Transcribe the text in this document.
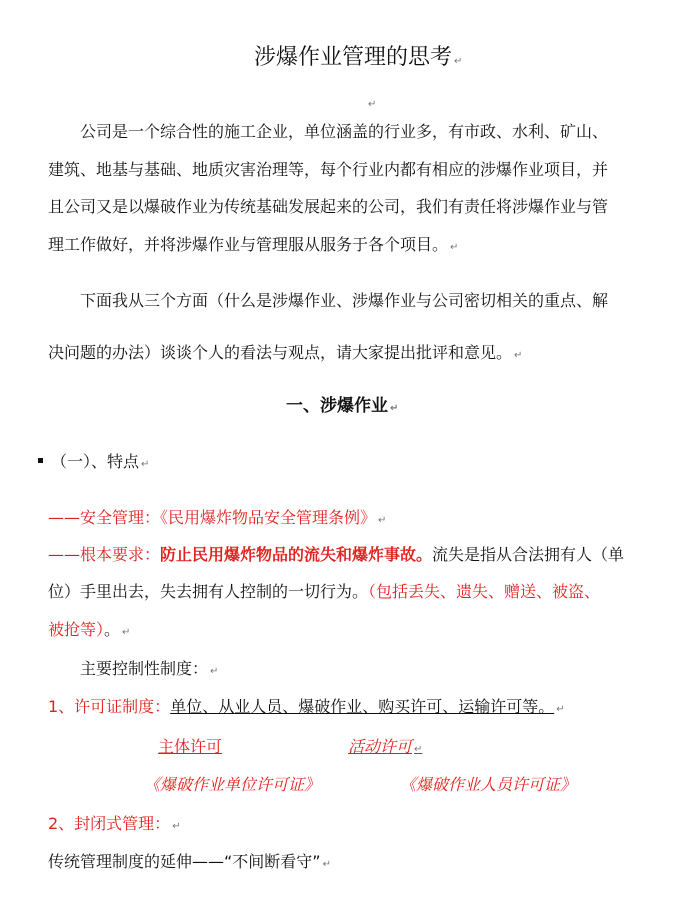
涉爆作业管理的思考 ↵
↵
公司是一个综合性的施工企业，单位涵盖的行业多，有市政、水利、矿山、
建筑、地基与基础、地质灾害治理等，每个行业内都有相应的涉爆作业项目，并
且公司又是以爆破作业为传统基础发展起来的公司，我们有责任将涉爆作业与管
理工作做好，并将涉爆作业与管理服从服务于各个项目。 ↵
下面我从三个方面（什么是涉爆作业、涉爆作业与公司密切相关的重点、解
决问题的办法）谈谈个人的看法与观点，请大家提出批评和意见。 ↵
一、涉爆作业 ↵
（一）、特点 ↵
——安全管理：《民用爆炸物品安全管理条例》 ↵
——根本要求：防止民用爆炸物品的流失和爆炸事故。流失是指从合法拥有人（单
位）手里出去，失去拥有人控制的一切行为。（包括丢失、遗失、赠送、被盗、
被抢等）。 ↵
主要控制性制度： ↵
1、许可证制度：单位、从业人员、爆破作业、购买许可、运输许可等。 ↵
主体许可	活动许可 ↵
《爆破作业单位许可证》	《爆破作业人员许可证》
2、封闭式管理： ↵
传统管理制度的延伸——“不间断看守” ↵
